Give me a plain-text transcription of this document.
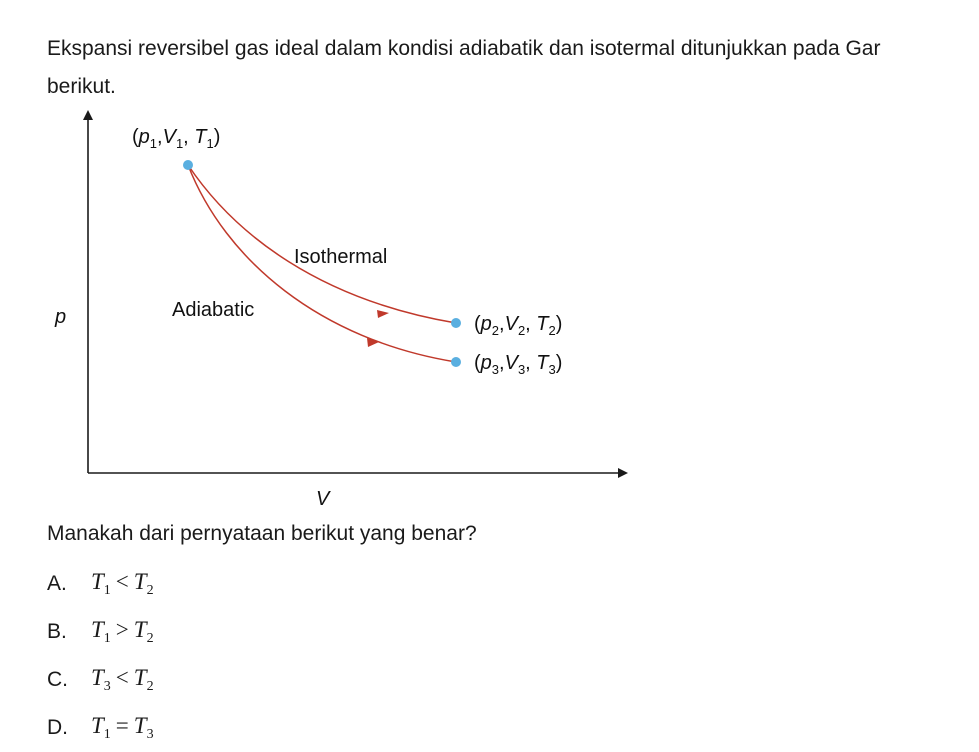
Ekspansi reversibel gas ideal dalam kondisi adiabatik dan isotermal ditunjukkan pada Gar
berikut.

p
V
Isothermal
Adiabatic
($p_1,V_1$, $T_1$)
($p_2,V_2$, $T_2$)
($p_3,V_3$, $T_3$)

Manakah dari pernyataan berikut yang benar?

A.	$T_1 < T_2$
B.	$T_1 > T_2$
C.	$T_3 < T_2$
D.	$T_1 = T_3$
